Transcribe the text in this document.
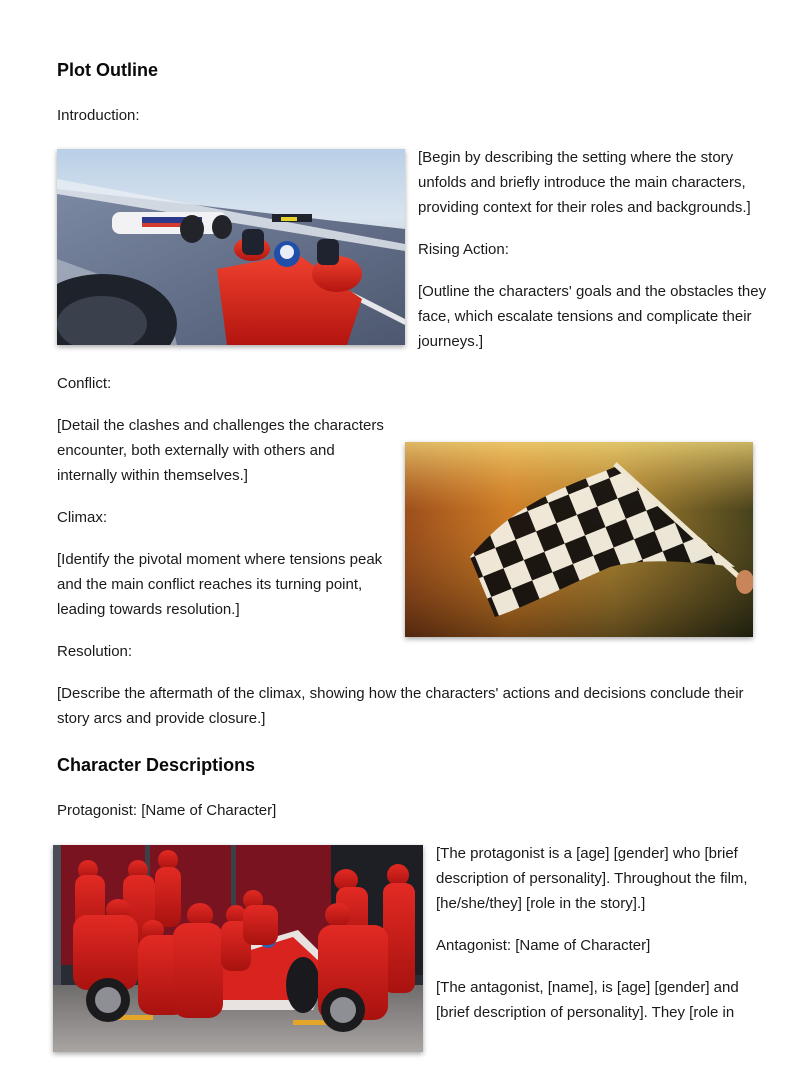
Plot Outline
Introduction:
[Begin by describing the setting where the story unfolds and briefly introduce the main characters, providing context for their roles and backgrounds.]
Rising Action:
[Outline the characters' goals and the obstacles they face, which escalate tensions and complicate their journeys.]
Conflict:
[Detail the clashes and challenges the characters encounter, both externally with others and internally within themselves.]
Climax:
[Identify the pivotal moment where tensions peak and the main conflict reaches its turning point, leading towards resolution.]
Resolution:
[Describe the aftermath of the climax, showing how the characters' actions and decisions conclude their story arcs and provide closure.]
Character Descriptions
Protagonist: [Name of Character]
[The protagonist is a [age] [gender] who [brief description of personality]. Throughout the film, [he/she/they] [role in the story].]
Antagonist: [Name of Character]
[The antagonist, [name], is [age] [gender] and [brief description of personality]. They [role in
